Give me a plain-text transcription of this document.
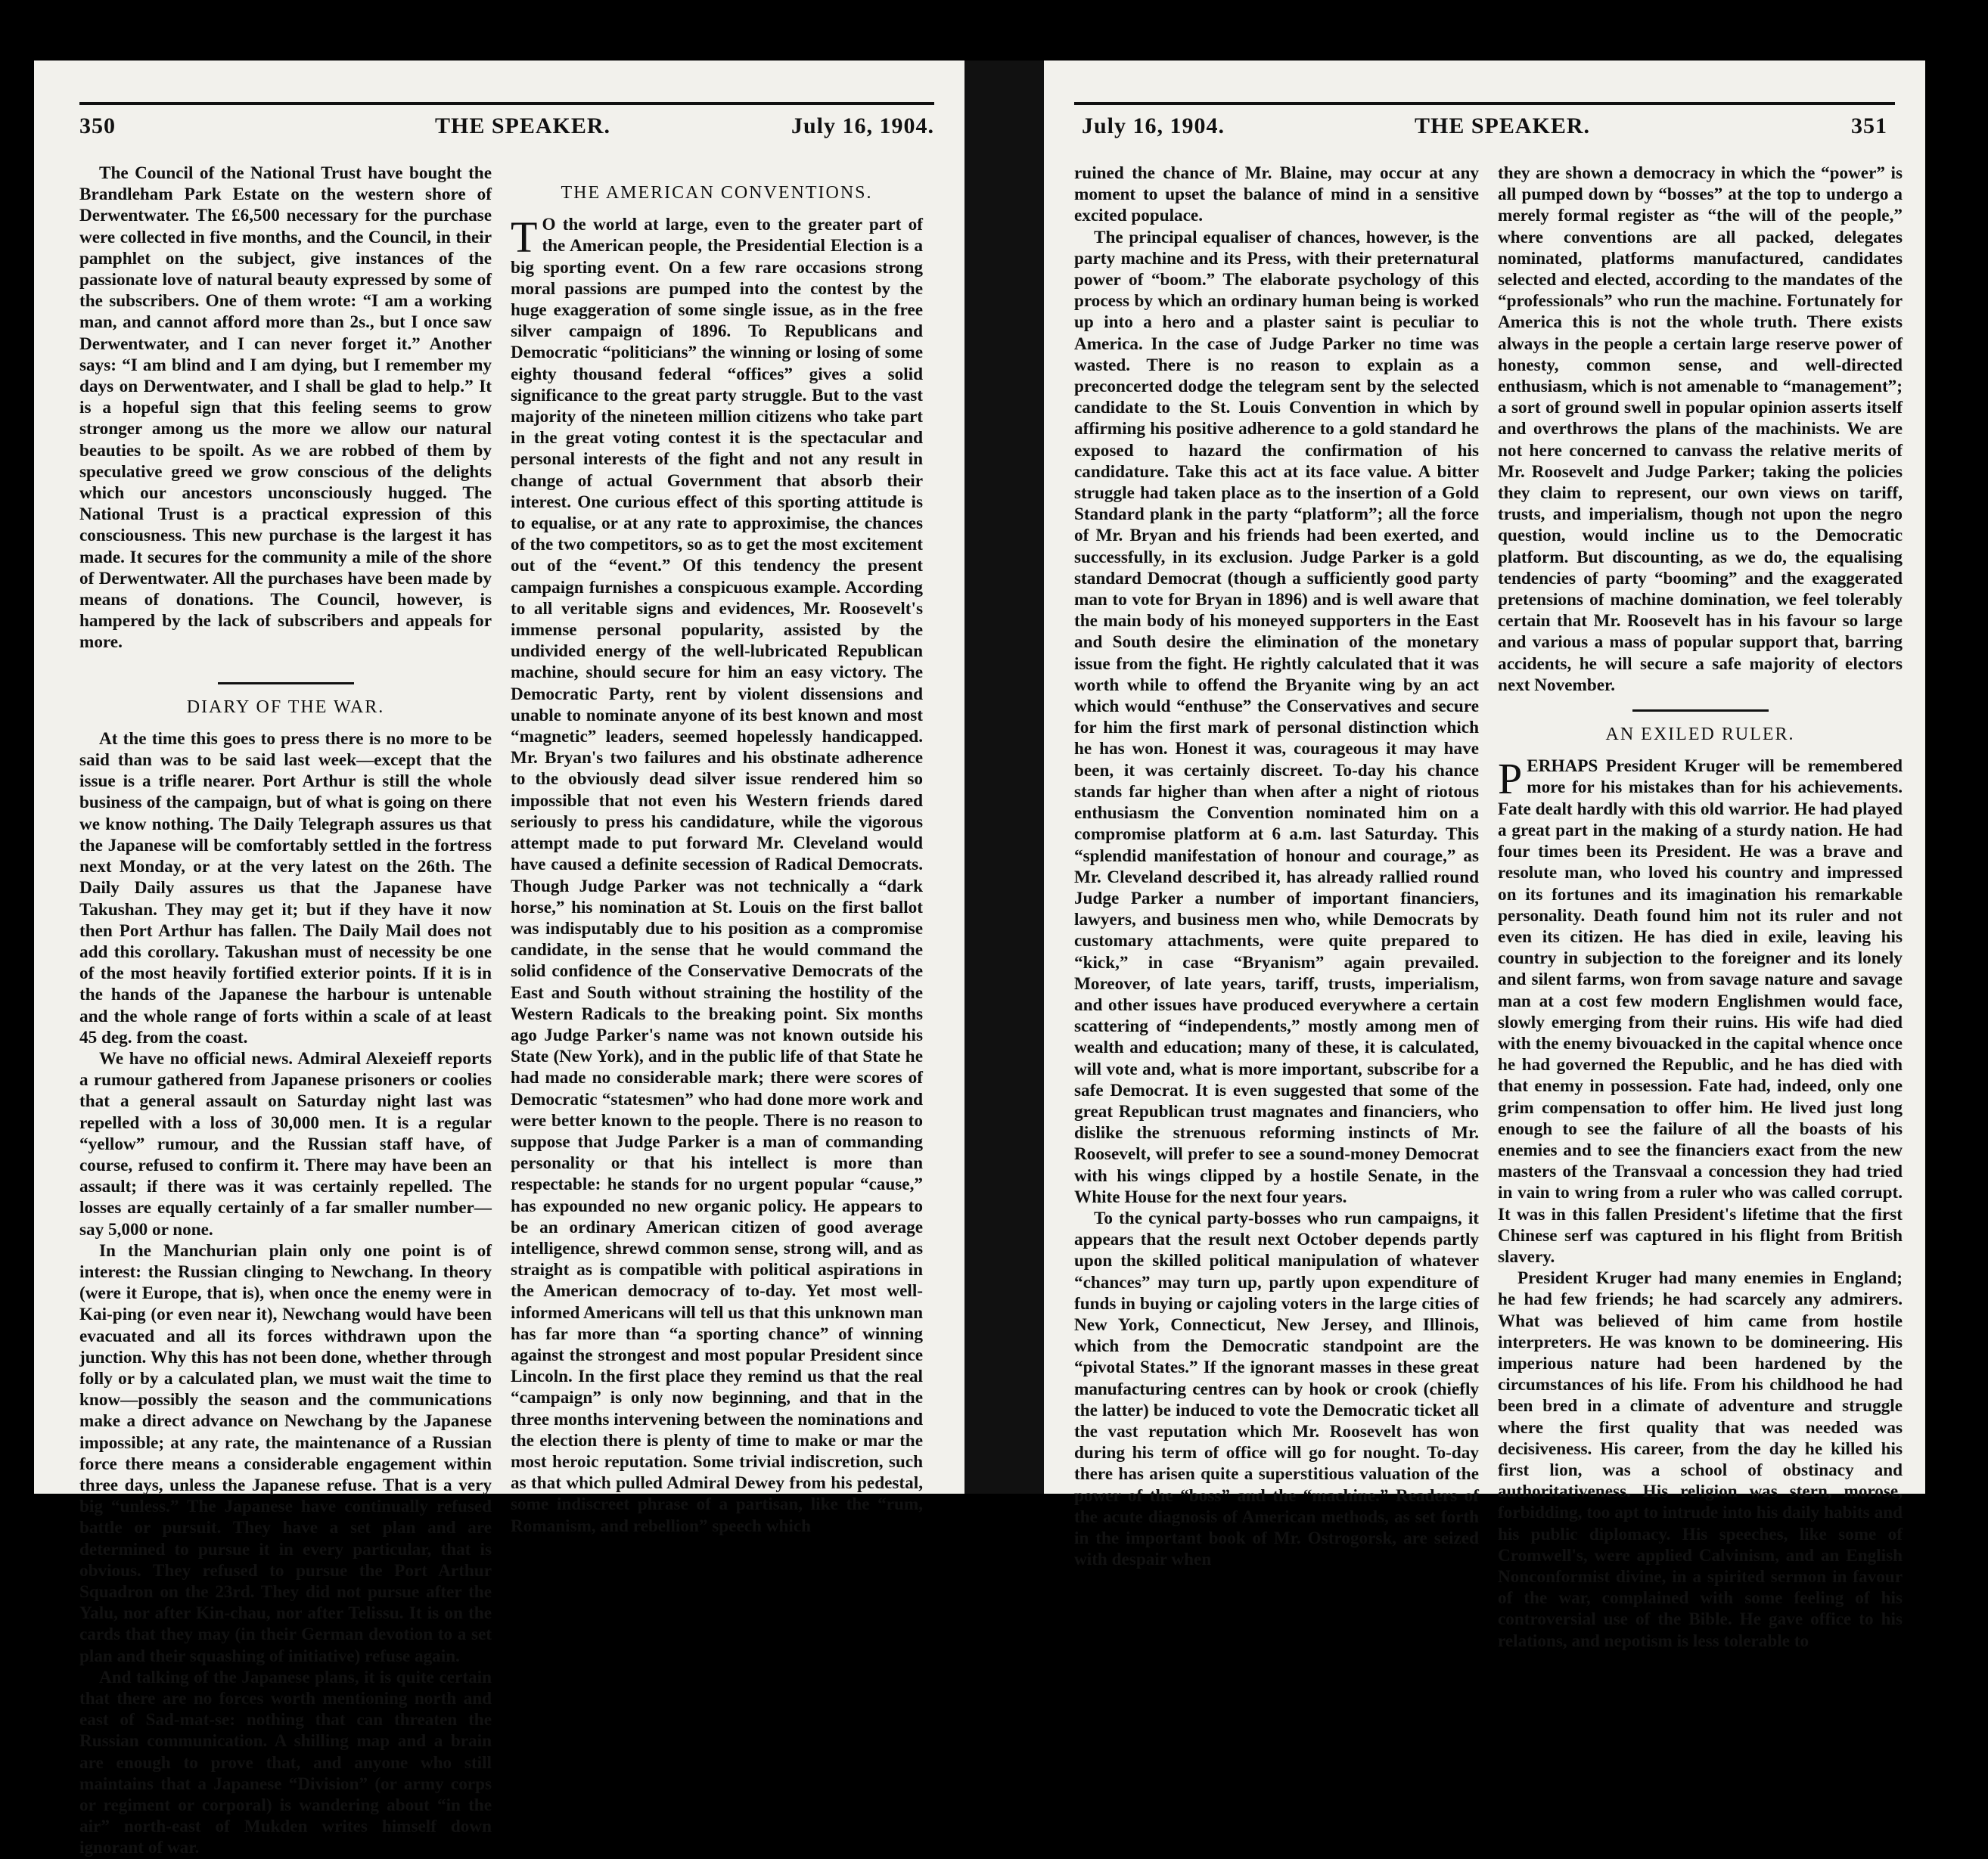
350	THE SPEAKER.	July 16, 1904.

The Council of the National Trust have bought the Brandleham Park Estate on the western shore of Derwentwater. The £6,500 necessary for the purchase were collected in five months, and the Council, in their pamphlet on the subject, give instances of the passionate love of natural beauty expressed by some of the subscribers. One of them wrote: “I am a working man, and cannot afford more than 2s., but I once saw Derwentwater, and I can never forget it.” Another says: “I am blind and I am dying, but I remember my days on Derwentwater, and I shall be glad to help.” It is a hopeful sign that this feeling seems to grow stronger among us the more we allow our natural beauties to be spoilt. As we are robbed of them by speculative greed we grow conscious of the delights which our ancestors unconsciously hugged. The National Trust is a practical expression of this consciousness. This new purchase is the largest it has made. It secures for the community a mile of the shore of Derwentwater. All the purchases have been made by means of donations. The Council, however, is hampered by the lack of subscribers and appeals for more.

DIARY OF THE WAR.

At the time this goes to press there is no more to be said than was to be said last week—except that the issue is a trifle nearer. Port Arthur is still the whole business of the campaign, but of what is going on there we know nothing. The Daily Telegraph assures us that the Japanese will be comfortably settled in the fortress next Monday, or at the very latest on the 26th. The Daily Daily assures us that the Japanese have Takushan. They may get it; but if they have it now then Port Arthur has fallen. The Daily Mail does not add this corollary. Takushan must of necessity be one of the most heavily fortified exterior points. If it is in the hands of the Japanese the harbour is untenable and the whole range of forts within a scale of at least 45 deg. from the coast.

We have no official news. Admiral Alexeieff reports a rumour gathered from Japanese prisoners or coolies that a general assault on Saturday night last was repelled with a loss of 30,000 men. It is a regular “yellow” rumour, and the Russian staff have, of course, refused to confirm it. There may have been an assault; if there was it was certainly repelled. The losses are equally certainly of a far smaller number—say 5,000 or none.

In the Manchurian plain only one point is of interest: the Russian clinging to Newchang. In theory (were it Europe, that is), when once the enemy were in Kai-ping (or even near it), Newchang would have been evacuated and all its forces withdrawn upon the junction. Why this has not been done, whether through folly or by a calculated plan, we must wait the time to know—possibly the season and the communications make a direct advance on Newchang by the Japanese impossible; at any rate, the maintenance of a Russian force there means a considerable engagement within three days, unless the Japanese refuse. That is a very big “unless.” The Japanese have continually refused battle or pursuit. They have a set plan and are determined to pursue it in every particular, that is obvious. They refused to pursue the Port Arthur Squadron on the 23rd. They did not pursue after the Yalu, nor after Kin-chau, nor after Telissu. It is on the cards that they may (in their German devotion to a set plan and their squashing of initiative) refuse again.

And talking of the Japanese plans, it is quite certain that there are no forces worth mentioning north and east of Sad-mat-se: nothing that can threaten the Russian communication. A shilling map and a brain are enough to prove that, and anyone who still maintains that a Japanese “Division” (or army corps or regiment or corporal) is wandering about “in the air” north-east of Mukden writes himself down ignorant of war.

THE AMERICAN CONVENTIONS.

T O the world at large, even to the greater part of the American people, the Presidential Election is a big sporting event. On a few rare occasions strong moral passions are pumped into the contest by the huge exaggeration of some single issue, as in the free silver campaign of 1896. To Republicans and Democratic “politicians” the winning or losing of some eighty thousand federal “offices” gives a solid significance to the great party struggle. But to the vast majority of the nineteen million citizens who take part in the great voting contest it is the spectacular and personal interests of the fight and not any result in change of actual Government that absorb their interest. One curious effect of this sporting attitude is to equalise, or at any rate to approximise, the chances of the two competitors, so as to get the most excitement out of the “event.” Of this tendency the present campaign furnishes a conspicuous example. According to all veritable signs and evidences, Mr. Roosevelt's immense personal popularity, assisted by the undivided energy of the well-lubricated Republican machine, should secure for him an easy victory. The Democratic Party, rent by violent dissensions and unable to nominate anyone of its best known and most “magnetic” leaders, seemed hopelessly handicapped. Mr. Bryan's two failures and his obstinate adherence to the obviously dead silver issue rendered him so impossible that not even his Western friends dared seriously to press his candidature, while the vigorous attempt made to put forward Mr. Cleveland would have caused a definite secession of Radical Democrats. Though Judge Parker was not technically a “dark horse,” his nomination at St. Louis on the first ballot was indisputably due to his position as a compromise candidate, in the sense that he would command the solid confidence of the Conservative Democrats of the East and South without straining the hostility of the Western Radicals to the breaking point. Six months ago Judge Parker's name was not known outside his State (New York), and in the public life of that State he had made no considerable mark; there were scores of Democratic “statesmen” who had done more work and were better known to the people. There is no reason to suppose that Judge Parker is a man of commanding personality or that his intellect is more than respectable: he stands for no urgent popular “cause,” has expounded no new organic policy. He appears to be an ordinary American citizen of good average intelligence, shrewd common sense, strong will, and as straight as is compatible with political aspirations in the American democracy of to-day. Yet most well-informed Americans will tell us that this unknown man has far more than “a sporting chance” of winning against the strongest and most popular President since Lincoln. In the first place they remind us that the real “campaign” is only now beginning, and that in the three months intervening between the nominations and the election there is plenty of time to make or mar the most heroic reputation. Some trivial indiscretion, such as that which pulled Admiral Dewey from his pedestal, some indiscreet phrase of a partisan, like the “rum, Romanism, and rebellion” speech which

July 16, 1904.	THE SPEAKER.	351

ruined the chance of Mr. Blaine, may occur at any moment to upset the balance of mind in a sensitive excited populace.

The principal equaliser of chances, however, is the party machine and its Press, with their preternatural power of “boom.” The elaborate psychology of this process by which an ordinary human being is worked up into a hero and a plaster saint is peculiar to America. In the case of Judge Parker no time was wasted. There is no reason to explain as a preconcerted dodge the telegram sent by the selected candidate to the St. Louis Convention in which by affirming his positive adherence to a gold standard he exposed to hazard the confirmation of his candidature. Take this act at its face value. A bitter struggle had taken place as to the insertion of a Gold Standard plank in the party “platform”; all the force of Mr. Bryan and his friends had been exerted, and successfully, in its exclusion. Judge Parker is a gold standard Democrat (though a sufficiently good party man to vote for Bryan in 1896) and is well aware that the main body of his moneyed supporters in the East and South desire the elimination of the monetary issue from the fight. He rightly calculated that it was worth while to offend the Bryanite wing by an act which would “enthuse” the Conservatives and secure for him the first mark of personal distinction which he has won. Honest it was, courageous it may have been, it was certainly discreet. To-day his chance stands far higher than when after a night of riotous enthusiasm the Convention nominated him on a compromise platform at 6 a.m. last Saturday. This “splendid manifestation of honour and courage,” as Mr. Cleveland described it, has already rallied round Judge Parker a number of important financiers, lawyers, and business men who, while Democrats by customary attachments, were quite prepared to “kick,” in case “Bryanism” again prevailed. Moreover, of late years, tariff, trusts, imperialism, and other issues have produced everywhere a certain scattering of “independents,” mostly among men of wealth and education; many of these, it is calculated, will vote and, what is more important, subscribe for a safe Democrat. It is even suggested that some of the great Republican trust magnates and financiers, who dislike the strenuous reforming instincts of Mr. Roosevelt, will prefer to see a sound-money Democrat with his wings clipped by a hostile Senate, in the White House for the next four years.

To the cynical party-bosses who run campaigns, it appears that the result next October depends partly upon the skilled political manipulation of whatever “chances” may turn up, partly upon expenditure of funds in buying or cajoling voters in the large cities of New York, Connecticut, New Jersey, and Illinois, which from the Democratic standpoint are the “pivotal States.” If the ignorant masses in these great manufacturing centres can by hook or crook (chiefly the latter) be induced to vote the Democratic ticket all the vast reputation which Mr. Roosevelt has won during his term of office will go for nought. To-day there has arisen quite a superstitious valuation of the power of the “boss” and the “machine.” Readers of the acute diagnosis of American methods, as set forth in the important book of Mr. Ostrogorsk, are seized with despair when

they are shown a democracy in which the “power” is all pumped down by “bosses” at the top to undergo a merely formal register as “the will of the people,” where conventions are all packed, delegates nominated, platforms manufactured, candidates selected and elected, according to the mandates of the “professionals” who run the machine. Fortunately for America this is not the whole truth. There exists always in the people a certain large reserve power of honesty, common sense, and well-directed enthusiasm, which is not amenable to “management”; a sort of ground swell in popular opinion asserts itself and overthrows the plans of the machinists. We are not here concerned to canvass the relative merits of Mr. Roosevelt and Judge Parker; taking the policies they claim to represent, our own views on tariff, trusts, and imperialism, though not upon the negro question, would incline us to the Democratic platform. But discounting, as we do, the equalising tendencies of party “booming” and the exaggerated pretensions of machine domination, we feel tolerably certain that Mr. Roosevelt has in his favour so large and various a mass of popular support that, barring accidents, he will secure a safe majority of electors next November.

AN EXILED RULER.

PERHAPS President Kruger will be remembered more for his mistakes than for his achievements. Fate dealt hardly with this old warrior. He had played a great part in the making of a sturdy nation. He had four times been its President. He was a brave and resolute man, who loved his country and impressed on its fortunes and its imagination his remarkable personality. Death found him not its ruler and not even its citizen. He has died in exile, leaving his country in subjection to the foreigner and its lonely and silent farms, won from savage nature and savage man at a cost few modern Englishmen would face, slowly emerging from their ruins. His wife had died with the enemy bivouacked in the capital whence once he had governed the Republic, and he has died with that enemy in possession. Fate had, indeed, only one grim compensation to offer him. He lived just long enough to see the failure of all the boasts of his enemies and to see the financiers exact from the new masters of the Transvaal a concession they had tried in vain to wring from a ruler who was called corrupt. It was in this fallen President's lifetime that the first Chinese serf was captured in his flight from British slavery.

President Kruger had many enemies in England; he had few friends; he had scarcely any admirers. What was believed of him came from hostile interpreters. He was known to be domineering. His imperious nature had been hardened by the circumstances of his life. From his childhood he had been bred in a climate of adventure and struggle where the first quality that was needed was decisiveness. His career, from the day he killed his first lion, was a school of obstinacy and authoritativeness. His religion was stern, morose, forbidding, too apt to intrude into his daily habits and his public diplomacy. His speeches, like some of Cromwell's, were applied Calvinism, and an English Nonconformist divine, in a spirited sermon in favour of the war, complained with some feeling of his controversial use of the Bible. He gave office to his relations, and nepotism is less tolerable to
